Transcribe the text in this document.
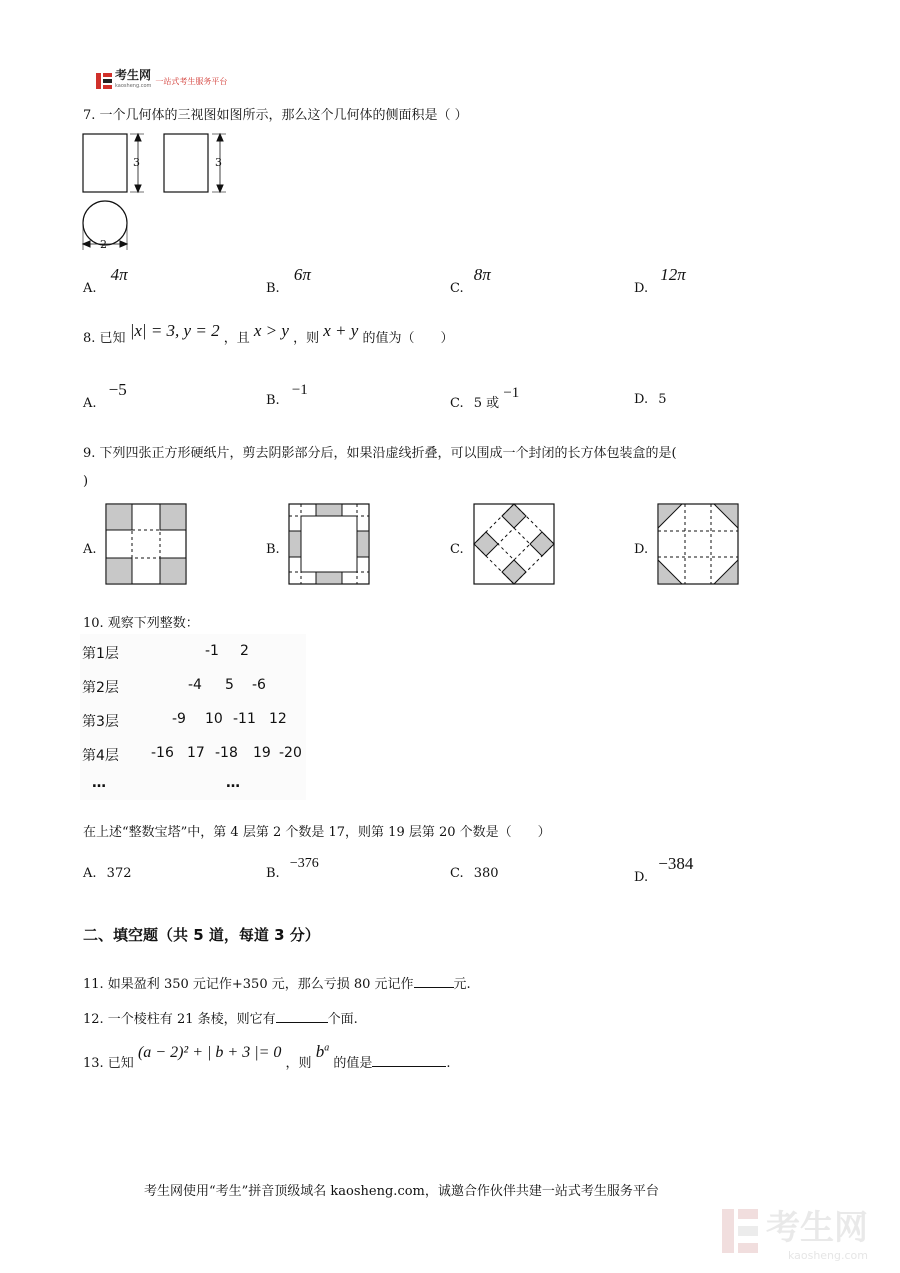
考生网
kaosheng.com
一站式考生服务平台
7. 一个几何体的三视图如图所示，那么这个几何体的侧面积是（ ）
3	3
2
A. 4π
B. 6π
C. 8π
D. 12π
8. 已知 |x| = 3, y = 2 ，且 x > y ，则 x + y 的值为（　　）
A. −5
B. −1
C. 5 或 −1	D. 5
9. 下列四张正方形硬纸片，剪去阴影部分后，如果沿虚线折叠，可以围成一个封闭的长方体包装盒的是(
)
A.	B.	C.	D.
10. 观察下列整数：
第1层	-1 2
第2层	-4 5 -6
第3层	-9 10 -11 12
第4层 -16 17 -18 19 -20
…	…
在上述“整数宝塔”中，第 4 层第 2 个数是 17，则第 19 层第 20 个数是（　　）
A. 372	B. −376
C. 380	D. −384
二、填空题（共 5 道，每道 3 分）
11. 如果盈利 350 元记作+350 元，那么亏损 80 元记作	元.
12. 一个棱柱有 21 条棱，则它有	个面.
13. 已知 (a − 2)² + | b + 3 |= 0 ，则 $b^a$ 的值是	.
考生网使用“考生”拼音顶级域名 kaosheng.com，诚邀合作伙伴共建一站式考生服务平台
考生网
kaosheng.com
